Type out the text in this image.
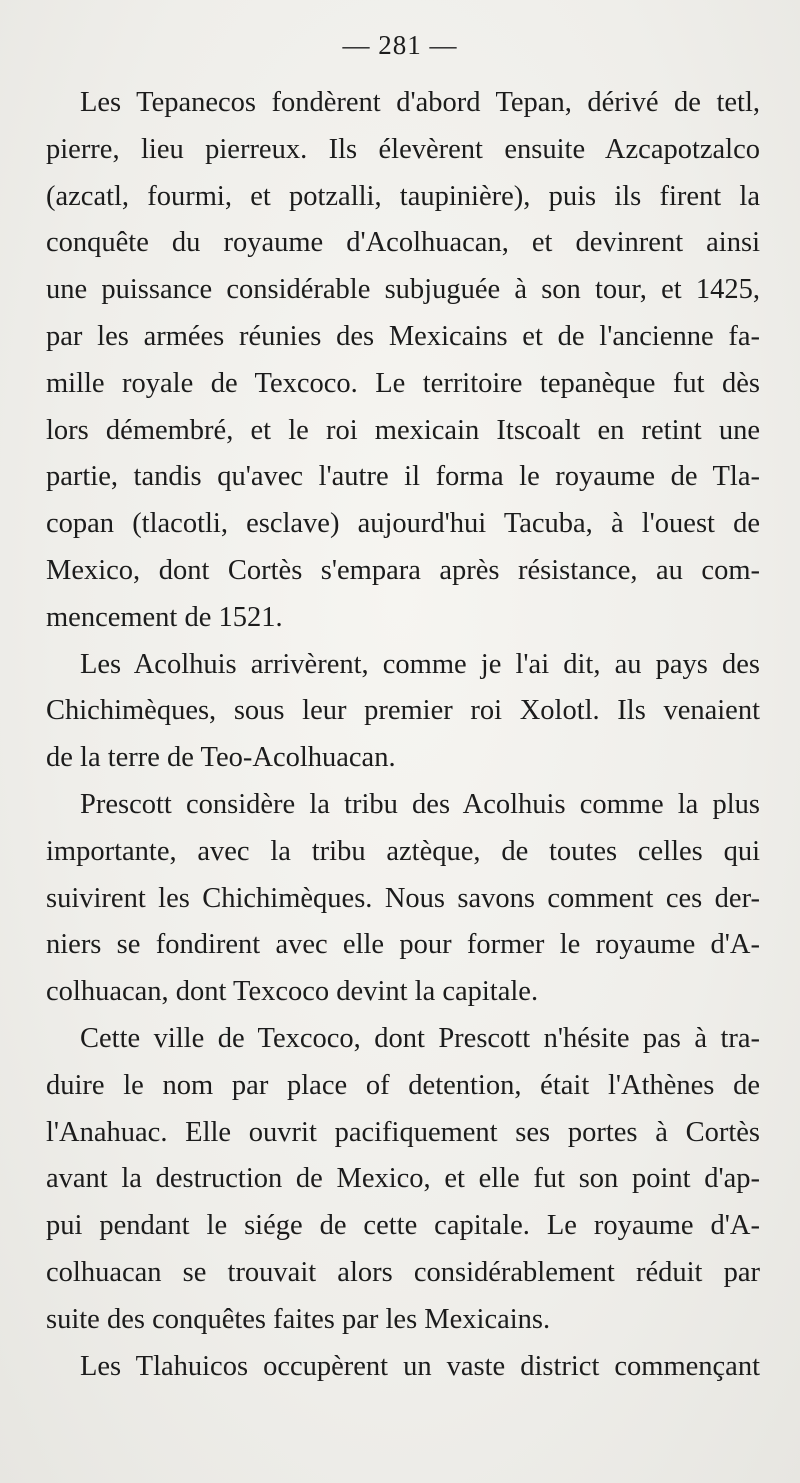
— 281 —

Les Tepanecos fondèrent d'abord Tepan, dérivé de tetl,
pierre, lieu pierreux. Ils élevèrent ensuite Azcapotzalco
(azcatl, fourmi, et potzalli, taupinière), puis ils firent la
conquête du royaume d'Acolhuacan, et devinrent ainsi
une puissance considérable subjuguée à son tour, et 1425,
par les armées réunies des Mexicains et de l'ancienne fa-
mille royale de Texcoco. Le territoire tepanèque fut dès
lors démembré, et le roi mexicain Itscoalt en retint une
partie, tandis qu'avec l'autre il forma le royaume de Tla-
copan (tlacotli, esclave) aujourd'hui Tacuba, à l'ouest de
Mexico, dont Cortès s'empara après résistance, au com-
mencement de 1521.

Les Acolhuis arrivèrent, comme je l'ai dit, au pays des
Chichimèques, sous leur premier roi Xolotl. Ils venaient
de la terre de Teo-Acolhuacan.

Prescott considère la tribu des Acolhuis comme la plus
importante, avec la tribu aztèque, de toutes celles qui
suivirent les Chichimèques. Nous savons comment ces der-
niers se fondirent avec elle pour former le royaume d'A-
colhuacan, dont Texcoco devint la capitale.

Cette ville de Texcoco, dont Prescott n'hésite pas à tra-
duire le nom par place of detention, était l'Athènes de
l'Anahuac. Elle ouvrit pacifiquement ses portes à Cortès
avant la destruction de Mexico, et elle fut son point d'ap-
pui pendant le siége de cette capitale. Le royaume d'A-
colhuacan se trouvait alors considérablement réduit par
suite des conquêtes faites par les Mexicains.

Les Tlahuicos occupèrent un vaste district commençant
